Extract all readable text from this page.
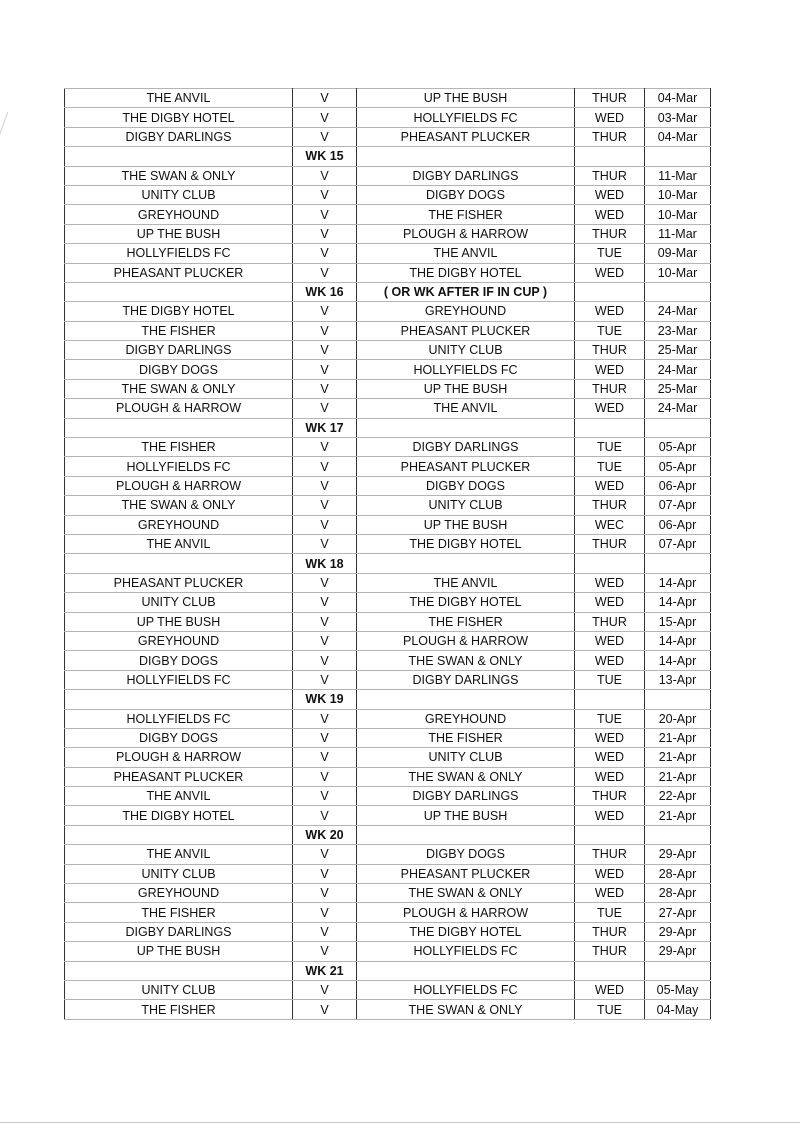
THE ANVIL	V	UP THE BUSH	THUR	04-Mar
THE DIGBY HOTEL	V	HOLLYFIELDS FC	WED	03-Mar
DIGBY DARLINGS	V	PHEASANT PLUCKER	THUR	04-Mar
	WK 15			
THE SWAN & ONLY	V	DIGBY DARLINGS	THUR	11-Mar
UNITY CLUB	V	DIGBY DOGS	WED	10-Mar
GREYHOUND	V	THE FISHER	WED	10-Mar
UP THE BUSH	V	PLOUGH & HARROW	THUR	11-Mar
HOLLYFIELDS FC	V	THE ANVIL	TUE	09-Mar
PHEASANT PLUCKER	V	THE DIGBY HOTEL	WED	10-Mar
	WK 16	( OR WK AFTER IF IN CUP )		
THE DIGBY HOTEL	V	GREYHOUND	WED	24-Mar
THE FISHER	V	PHEASANT PLUCKER	TUE	23-Mar
DIGBY DARLINGS	V	UNITY CLUB	THUR	25-Mar
DIGBY DOGS	V	HOLLYFIELDS FC	WED	24-Mar
THE SWAN & ONLY	V	UP THE BUSH	THUR	25-Mar
PLOUGH & HARROW	V	THE ANVIL	WED	24-Mar
	WK 17			
THE FISHER	V	DIGBY DARLINGS	TUE	05-Apr
HOLLYFIELDS FC	V	PHEASANT PLUCKER	TUE	05-Apr
PLOUGH & HARROW	V	DIGBY DOGS	WED	06-Apr
THE SWAN & ONLY	V	UNITY CLUB	THUR	07-Apr
GREYHOUND	V	UP THE BUSH	WEC	06-Apr
THE ANVIL	V	THE DIGBY HOTEL	THUR	07-Apr
	WK 18			
PHEASANT PLUCKER	V	THE ANVIL	WED	14-Apr
UNITY CLUB	V	THE DIGBY HOTEL	WED	14-Apr
UP THE BUSH	V	THE FISHER	THUR	15-Apr
GREYHOUND	V	PLOUGH & HARROW	WED	14-Apr
DIGBY DOGS	V	THE SWAN & ONLY	WED	14-Apr
HOLLYFIELDS FC	V	DIGBY DARLINGS	TUE	13-Apr
	WK 19			
HOLLYFIELDS FC	V	GREYHOUND	TUE	20-Apr
DIGBY DOGS	V	THE FISHER	WED	21-Apr
PLOUGH & HARROW	V	UNITY CLUB	WED	21-Apr
PHEASANT PLUCKER	V	THE SWAN & ONLY	WED	21-Apr
THE ANVIL	V	DIGBY DARLINGS	THUR	22-Apr
THE DIGBY HOTEL	V	UP THE BUSH	WED	21-Apr
	WK 20			
THE ANVIL	V	DIGBY DOGS	THUR	29-Apr
UNITY CLUB	V	PHEASANT PLUCKER	WED	28-Apr
GREYHOUND	V	THE SWAN & ONLY	WED	28-Apr
THE FISHER	V	PLOUGH & HARROW	TUE	27-Apr
DIGBY DARLINGS	V	THE DIGBY HOTEL	THUR	29-Apr
UP THE BUSH	V	HOLLYFIELDS FC	THUR	29-Apr
	WK 21			
UNITY CLUB	V	HOLLYFIELDS FC	WED	05-May
THE FISHER	V	THE SWAN & ONLY	TUE	04-May
